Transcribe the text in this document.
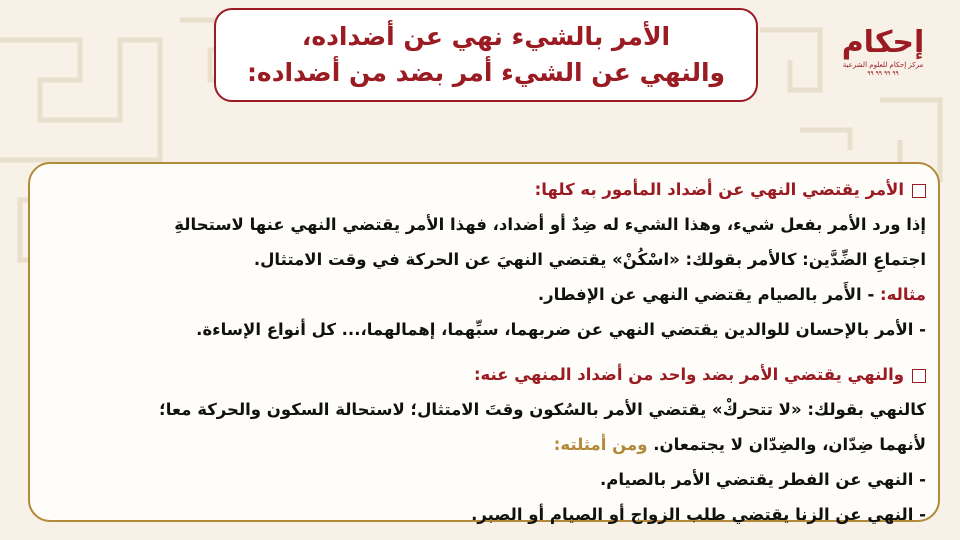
الأمر بالشيء نهي عن أضداده،
والنهي عن الشيء أمر بضد من أضداده:
إحكام
مركز إحكام للعلوم الشرعية
٩٩ ٩٩ ٩٩ ٩٩
الأمر يقتضي النهي عن أضداد المأمور به كلها:
إذا ورد الأمر بفعل شيء، وهذا الشيء له ضِدٌ أو أضداد، فهذا الأمر يقتضي النهي عنها لاستحالةِ
اجتماعِ الضِّدَّين: كالأمر بقولك: «اسْكُنْ» يقتضي النهيَ عن الحركة في وقت الامتثال.
مثاله: - الأَمر بالصيام يقتضي النهي عن الإفطار.
- الأمر بالإحسان للوالدين يقتضي النهي عن ضربهما، سبِّهما، إهمالهما،... كل أنواع الإساءة.
والنهي يقتضي الأمر بضد واحد من أضداد المنهي عنه:
كالنهي بقولك: «لا تتحركْ» يقتضي الأمر بالسُكون وقتَ الامتثال؛ لاستحالة السكون والحركة معا؛
لأنهما ضِدّان، والضِدّان لا يجتمعان. ومن أمثلته:
- النهي عن الفطر يقتضي الأمر بالصيام.
- النهي عن الزنا يقتضي طلب الزواج أو الصيام أو الصبر.
